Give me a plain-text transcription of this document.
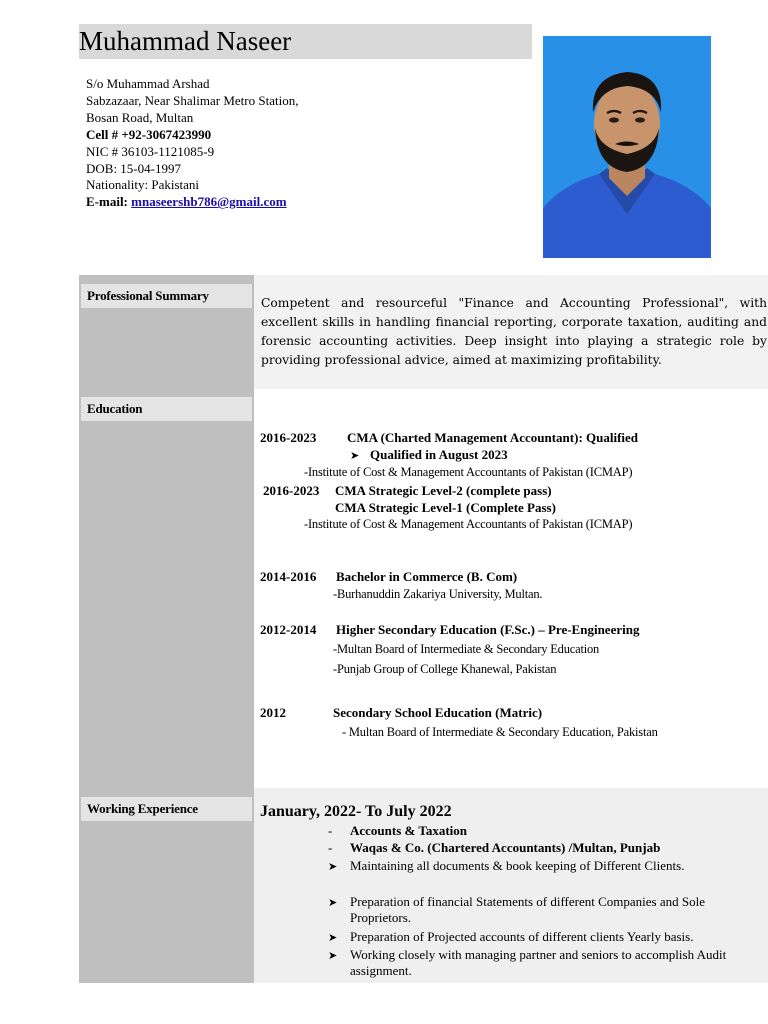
Muhammad Naseer
S/o Muhammad Arshad
Sabzazaar, Near Shalimar Metro Station,
Bosan Road, Multan
Cell # +92-3067423990
NIC # 36103-1121085-9
DOB: 15-04-1997
Nationality: Pakistani
E-mail: mnaseershb786@gmail.com
Professional Summary	Competent and resourceful "Finance and Accounting Professional", with excellent skills in handling financial reporting, corporate taxation, auditing and forensic accounting activities. Deep insight into playing a strategic role by providing professional advice, aimed at maximizing profitability.
Education
2016-2023 CMA (Charted Management Accountant): Qualified
➤ Qualified in August 2023
-Institute of Cost & Management Accountants of Pakistan (ICMAP)
2016-2023 CMA Strategic Level-2 (complete pass)
CMA Strategic Level-1 (Complete Pass)
-Institute of Cost & Management Accountants of Pakistan (ICMAP)
2014-2016 Bachelor in Commerce (B. Com)
-Burhanuddin Zakariya University, Multan.
2012-2014 Higher Secondary Education (F.Sc.) – Pre-Engineering
-Multan Board of Intermediate & Secondary Education
-Punjab Group of College Khanewal, Pakistan
2012	Secondary School Education (Matric)
- Multan Board of Intermediate & Secondary Education, Pakistan
Working Experience	January, 2022- To July 2022
- Accounts & Taxation
- Waqas & Co. (Chartered Accountants) /Multan, Punjab
➤ Maintaining all documents & book keeping of Different Clients.
➤ Preparation of financial Statements of different Companies and Sole Proprietors.
➤ Preparation of Projected accounts of different clients Yearly basis.
➤ Working closely with managing partner and seniors to accomplish Audit assignment.
